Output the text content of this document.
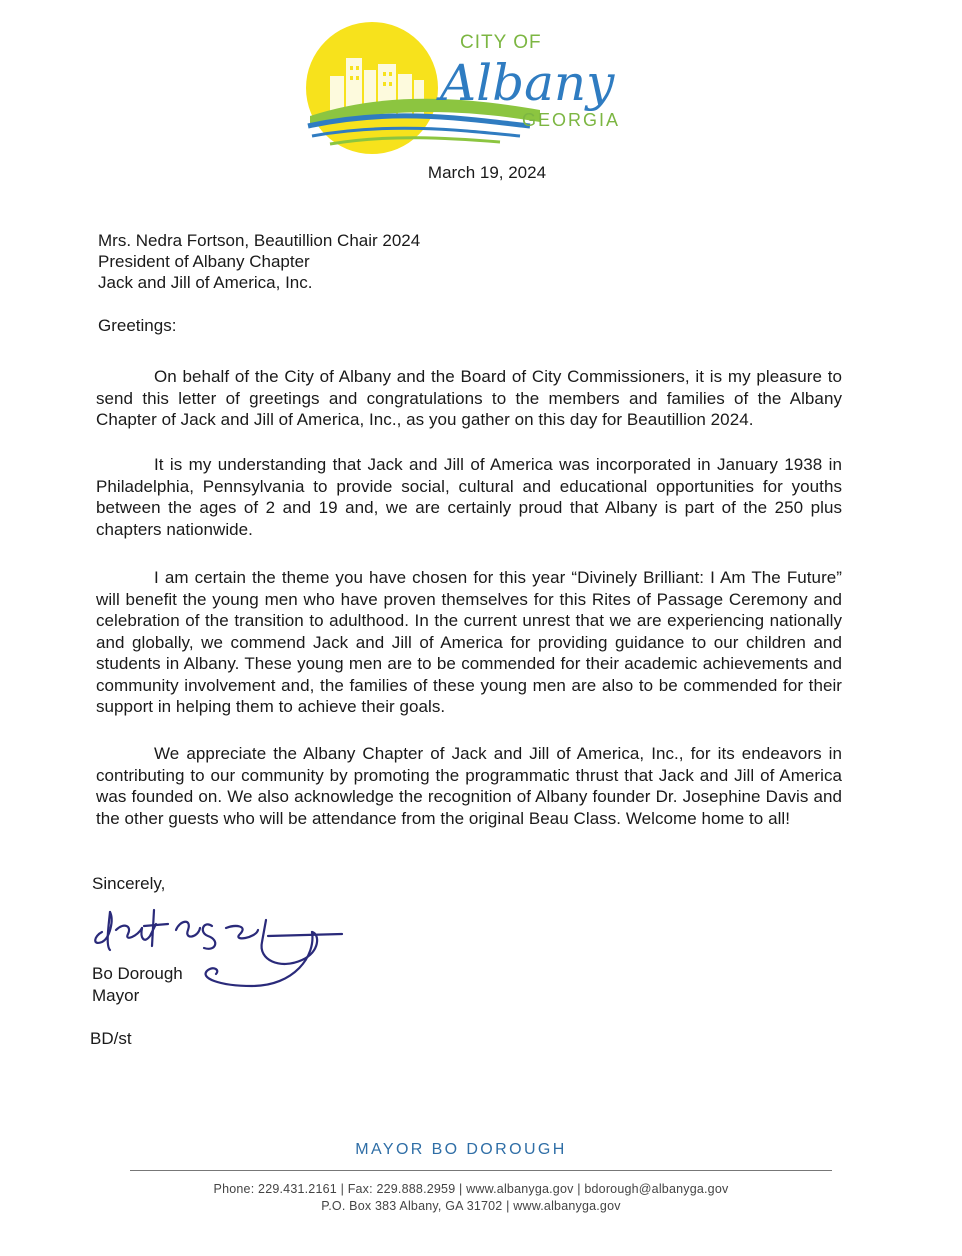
CITY OF
Albany
GEORGIA
March 19, 2024
Mrs. Nedra Fortson, Beautillion Chair 2024
President of Albany Chapter
Jack and Jill of America, Inc.
Greetings:
On behalf of the City of Albany and the Board of City Commissioners, it is my pleasure to send this letter of greetings and congratulations to the members and families of the Albany Chapter of Jack and Jill of America, Inc., as you gather on this day for Beautillion 2024.
It is my understanding that Jack and Jill of America was incorporated in January 1938 in Philadelphia, Pennsylvania to provide social, cultural and educational opportunities for youths between the ages of 2 and 19 and, we are certainly proud that Albany is part of the 250 plus chapters nationwide.
I am certain the theme you have chosen for this year “Divinely Brilliant: I Am The Future” will benefit the young men who have proven themselves for this Rites of Passage Ceremony and celebration of the transition to adulthood. In the current unrest that we are experiencing nationally and globally, we commend Jack and Jill of America for providing guidance to our children and students in Albany. These young men are to be commended for their academic achievements and community involvement and, the families of these young men are also to be commended for their support in helping them to achieve their goals.
We appreciate the Albany Chapter of Jack and Jill of America, Inc., for its endeavors in contributing to our community by promoting the programmatic thrust that Jack and Jill of America was founded on. We also acknowledge the recognition of Albany founder Dr. Josephine Davis and the other guests who will be attendance from the original Beau Class. Welcome home to all!
Sincerely,
Bo Dorough
Mayor
BD/st
MAYOR BO DOROUGH
Phone: 229.431.2161 | Fax: 229.888.2959 | www.albanyga.gov | bdorough@albanyga.gov
P.O. Box 383 Albany, GA 31702 | www.albanyga.gov
